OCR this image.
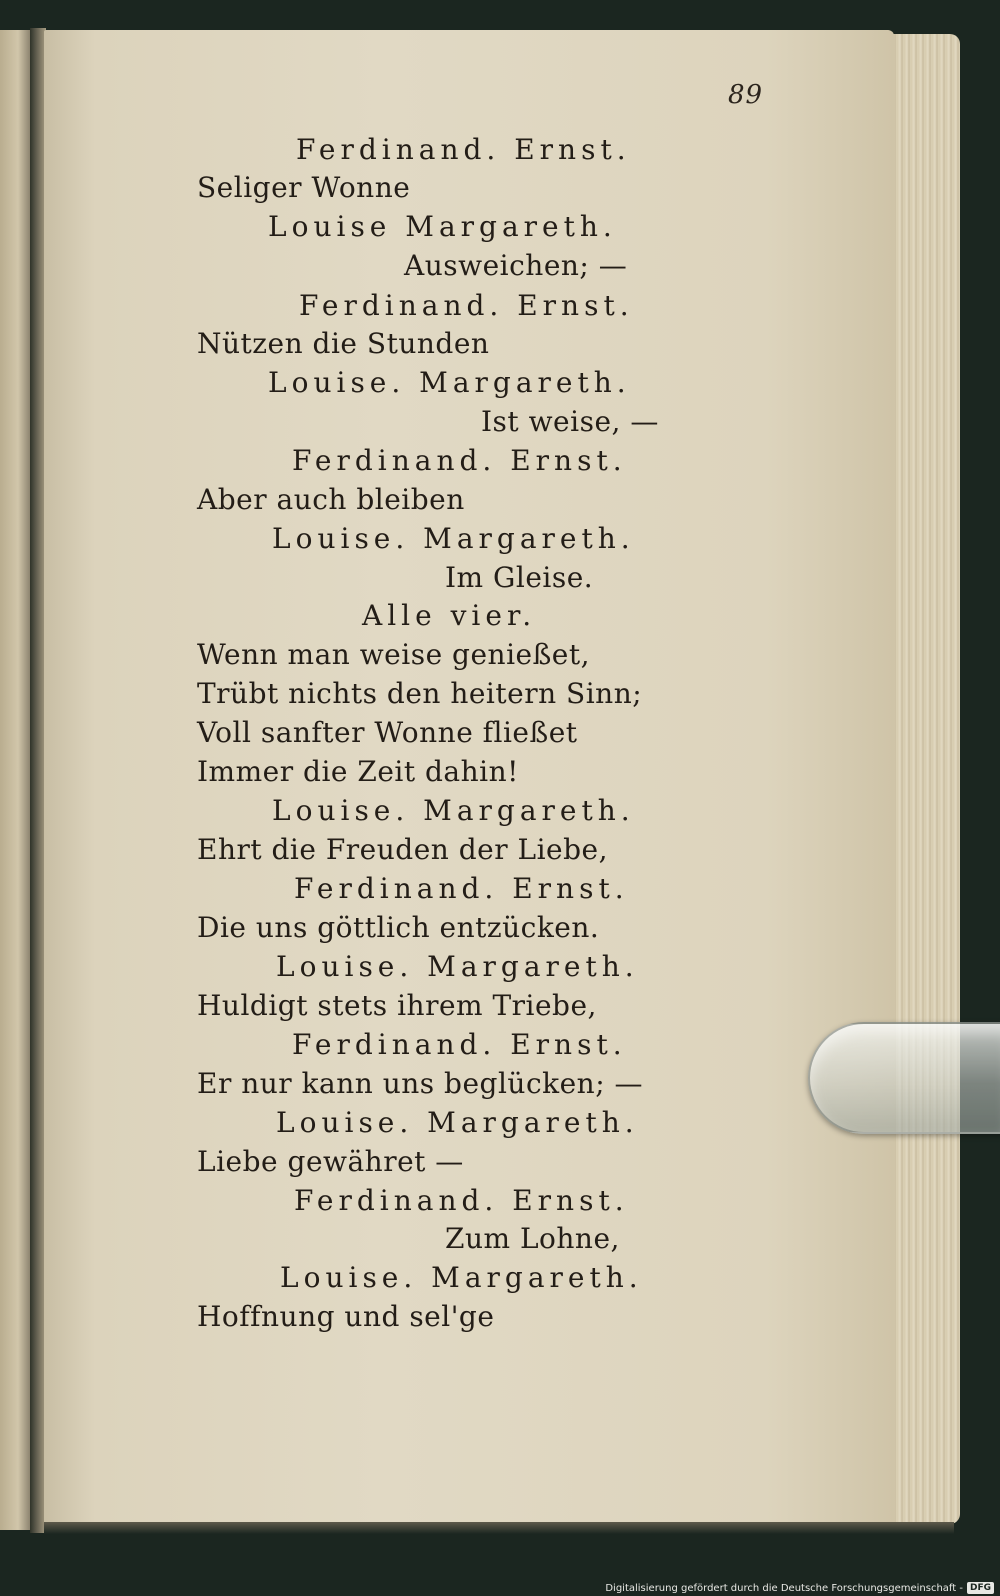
89
Ferdinand. Ernst.
Seliger Wonne
Louise Margareth.
Ausweichen; —
Ferdinand. Ernst.
Nützen die Stunden
Louise. Margareth.
Ist weise, —
Ferdinand. Ernst.
Aber auch bleiben
Louise. Margareth.
Im Gleise.
Alle vier.
Wenn man weise genießet,
Trübt nichts den heitern Sinn;
Voll sanfter Wonne fließet
Immer die Zeit dahin!
Louise. Margareth.
Ehrt die Freuden der Liebe,
Ferdinand. Ernst.
Die uns göttlich entzücken.
Louise. Margareth.
Huldigt stets ihrem Triebe,
Ferdinand. Ernst.
Er nur kann uns beglücken; —
Louise. Margareth.
Liebe gewähret —
Ferdinand. Ernst.
Zum Lohne,
Louise. Margareth.
Hoffnung und sel'ge
Digitalisierung gefördert durch die Deutsche Forschungsgemeinschaft - DFG
